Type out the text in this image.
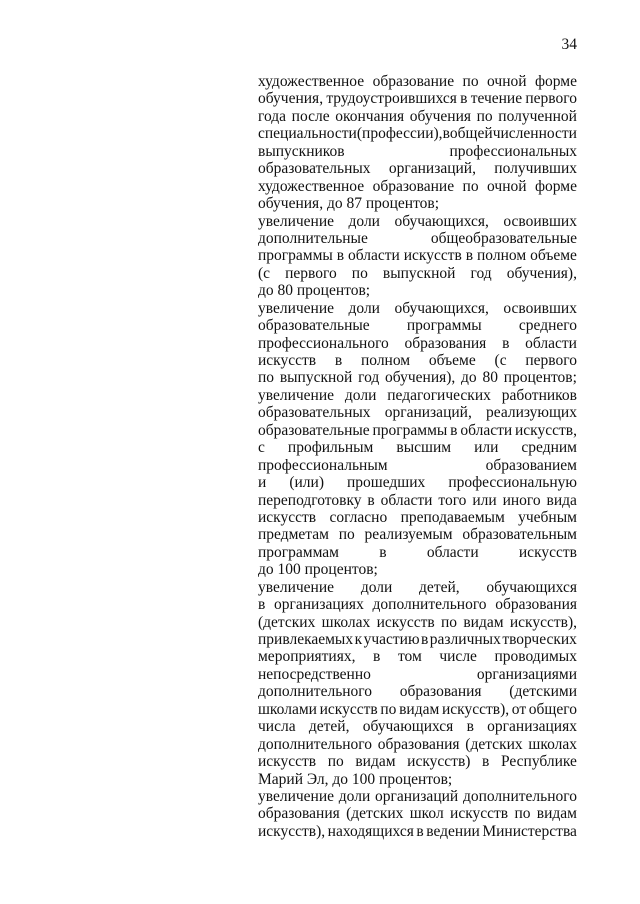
34
художественное образование по очной форме
обучения, трудоустроившихся в течение первого
года после окончания обучения по полученной
специальности (профессии), в общей численности
выпускников	профессиональных
образовательных организаций, получивших
художественное образование по очной форме
обучения, до 87 процентов;
увеличение доли обучающихся, освоивших
дополнительные	общеобразовательные
программы в области искусств в полном объеме
(с первого по выпускной год обучения),
до 80 процентов;
увеличение доли обучающихся, освоивших
образовательные программы среднего
профессионального образования в области
искусств в полном объеме (с первого
по выпускной год обучения), до 80 процентов;
увеличение доли педагогических работников
образовательных организаций, реализующих
образовательные программы в области искусств,
с профильным высшим или средним
профессиональным	образованием
и (или) прошедших профессиональную
переподготовку в области того или иного вида
искусств согласно преподаваемым учебным
предметам по реализуемым образовательным
программам	в	области	искусств
до 100 процентов;
увеличение доли детей, обучающихся
в организациях дополнительного образования
(детских школах искусств по видам искусств),
привлекаемых к участию в различных творческих
мероприятиях, в том числе проводимых
непосредственно	организациями
дополнительного образования (детскими
школами искусств по видам искусств), от общего
числа детей, обучающихся в организациях
дополнительного образования (детских школах
искусств по видам искусств) в Республике
Марий Эл, до 100 процентов;
увеличение доли организаций дополнительного
образования (детских школ искусств по видам
искусств), находящихся в ведении Министерства
